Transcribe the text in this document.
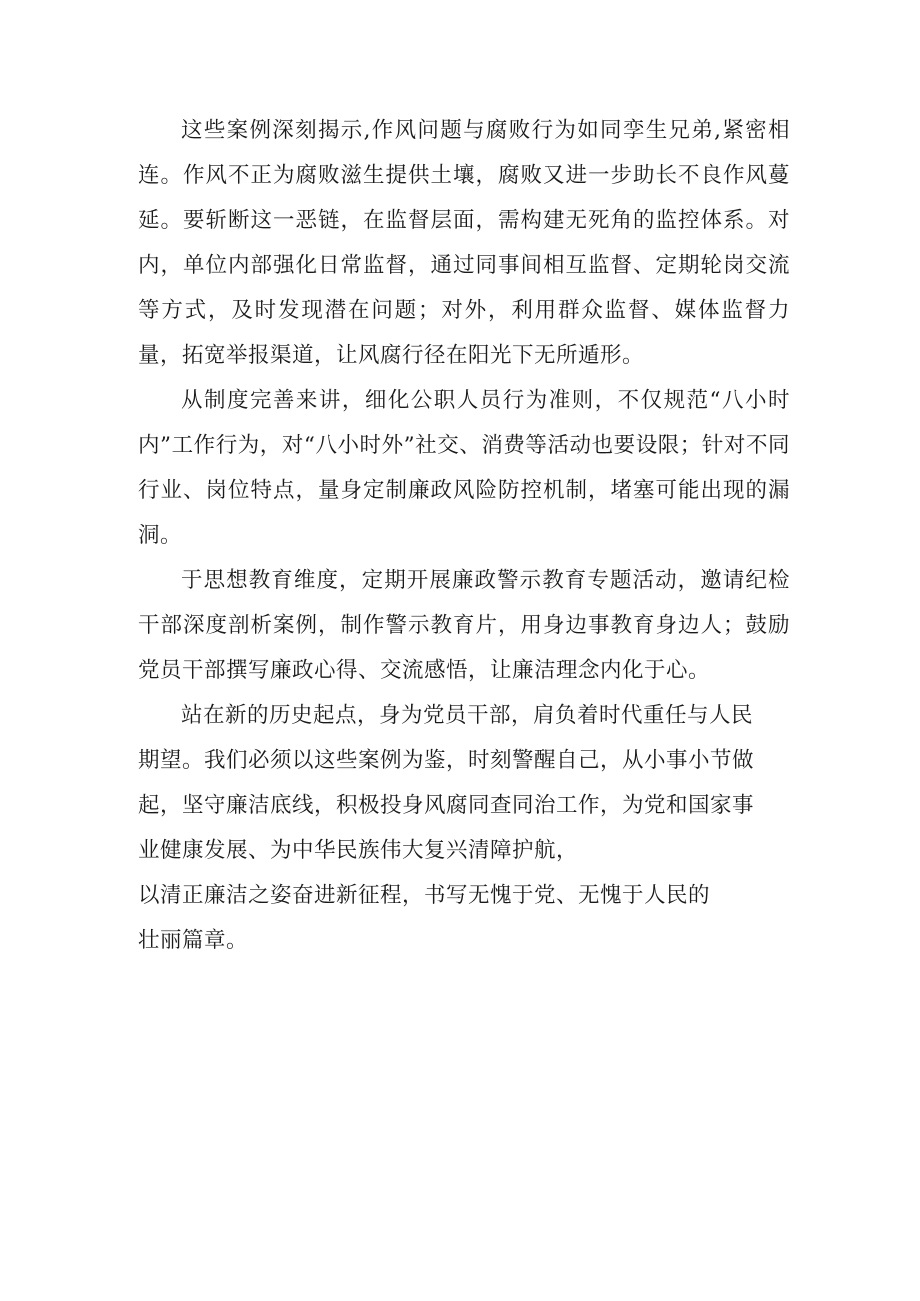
这些案例深刻揭示,作风问题与腐败行为如同孪生兄弟,紧密相连。作风不正为腐败滋生提供土壤，腐败又进一步助长不良作风蔓延。要斩断这一恶链，在监督层面，需构建无死角的监控体系。对内，单位内部强化日常监督，通过同事间相互监督、定期轮岗交流等方式，及时发现潜在问题；对外，利用群众监督、媒体监督力量，拓宽举报渠道，让风腐行径在阳光下无所遁形。

从制度完善来讲，细化公职人员行为准则，不仅规范“八小时内”工作行为，对“八小时外”社交、消费等活动也要设限；针对不同行业、岗位特点，量身定制廉政风险防控机制，堵塞可能出现的漏洞。

于思想教育维度，定期开展廉政警示教育专题活动，邀请纪检干部深度剖析案例，制作警示教育片，用身边事教育身边人；鼓励党员干部撰写廉政心得、交流感悟，让廉洁理念内化于心。

站在新的历史起点，身为党员干部，肩负着时代重任与人民

期望。我们必须以这些案例为鉴，时刻警醒自己，从小事小节做

起，坚守廉洁底线，积极投身风腐同查同治工作，为党和国家事

业健康发展、为中华民族伟大复兴清障护航，

以清正廉洁之姿奋进新征程，书写无愧于党、无愧于人民的

壮丽篇章。
